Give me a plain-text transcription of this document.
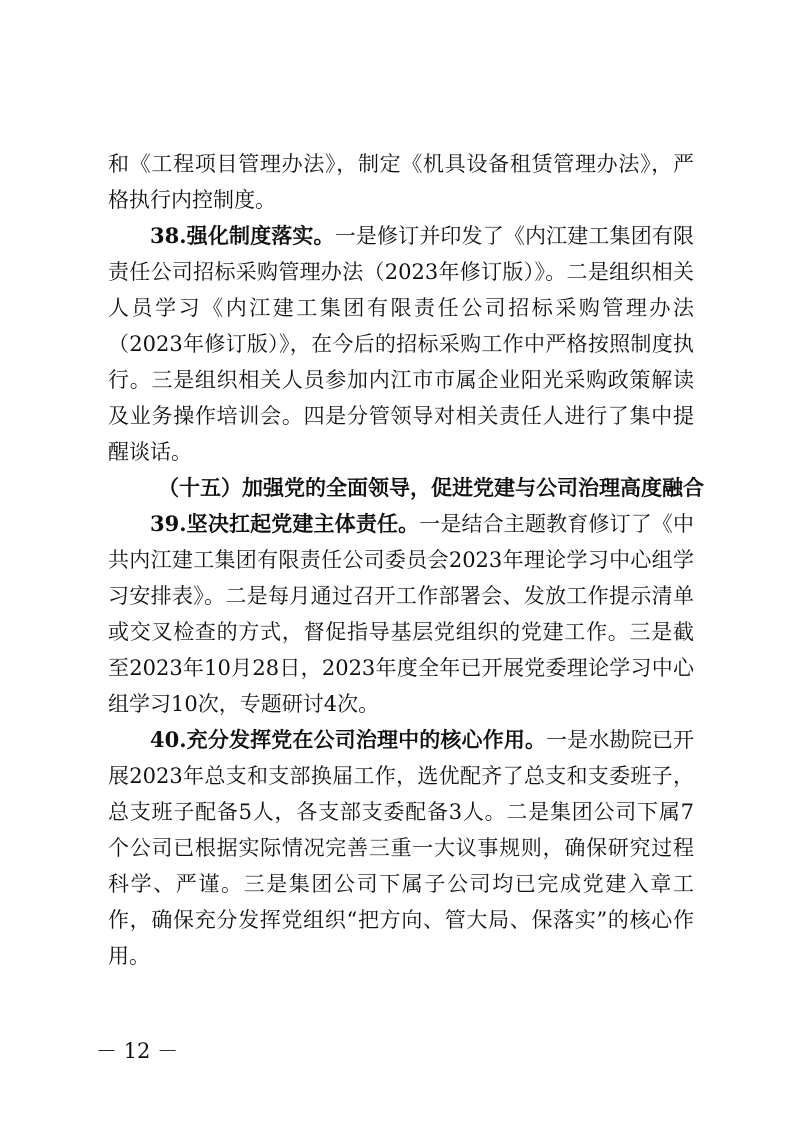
和《工程项目管理办法》，制定《机具设备租赁管理办法》，严格执行内控制度。

38.强化制度落实。一是修订并印发了《内江建工集团有限责任公司招标采购管理办法（2023年修订版）》。二是组织相关人员学习《内江建工集团有限责任公司招标采购管理办法（2023年修订版）》，在今后的招标采购工作中严格按照制度执行。三是组织相关人员参加内江市市属企业阳光采购政策解读及业务操作培训会。四是分管领导对相关责任人进行了集中提醒谈话。

（十五）加强党的全面领导，促进党建与公司治理高度融合

39.坚决扛起党建主体责任。一是结合主题教育修订了《中共内江建工集团有限责任公司委员会2023年理论学习中心组学习安排表》。二是每月通过召开工作部署会、发放工作提示清单或交叉检查的方式，督促指导基层党组织的党建工作。三是截至2023年10月28日，2023年度全年已开展党委理论学习中心组学习10次，专题研讨4次。

40.充分发挥党在公司治理中的核心作用。一是水勘院已开展2023年总支和支部换届工作，选优配齐了总支和支委班子，总支班子配备5人，各支部支委配备3人。二是集团公司下属7个公司已根据实际情况完善三重一大议事规则，确保研究过程科学、严谨。三是集团公司下属子公司均已完成党建入章工作，确保充分发挥党组织“把方向、管大局、保落实”的核心作用。

－ 12 －
